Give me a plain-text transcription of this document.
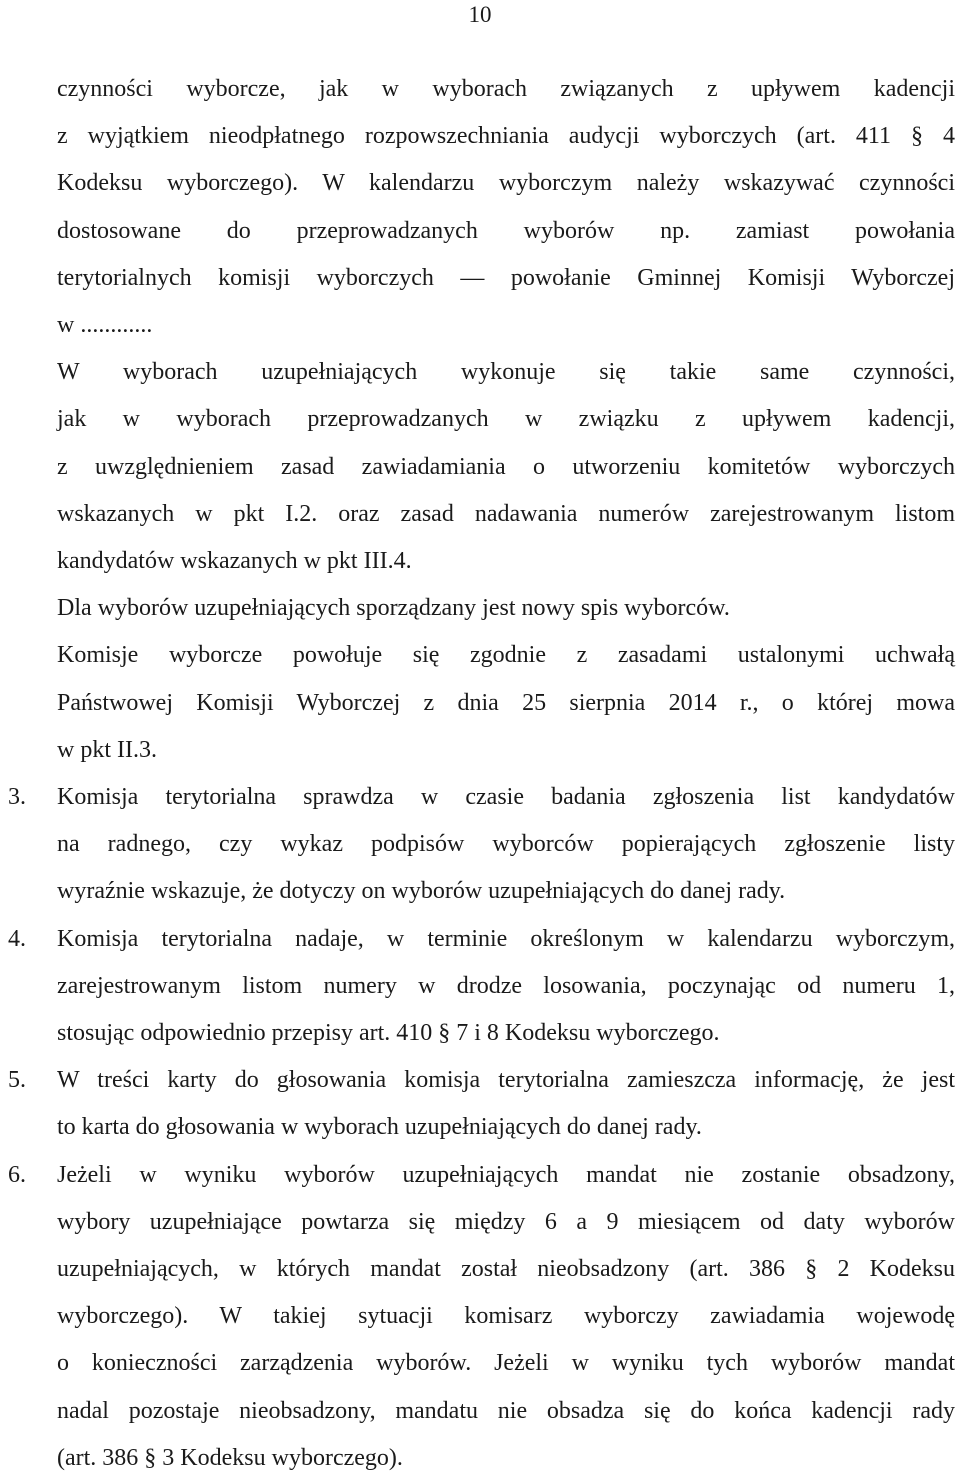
10
czynności wyborcze, jak w wyborach związanych z upływem kadencji
z wyjątkiem nieodpłatnego rozpowszechniania audycji wyborczych (art. 411 § 4
Kodeksu wyborczego). W kalendarzu wyborczym należy wskazywać czynności
dostosowane do przeprowadzanych wyborów np. zamiast powołania
terytorialnych komisji wyborczych — powołanie Gminnej Komisji Wyborczej
w ............
W wyborach uzupełniających wykonuje się takie same czynności,
jak w wyborach przeprowadzanych w związku z upływem kadencji,
z uwzględnieniem zasad zawiadamiania o utworzeniu komitetów wyborczych
wskazanych w pkt I.2. oraz zasad nadawania numerów zarejestrowanym listom
kandydatów wskazanych w pkt III.4.
Dla wyborów uzupełniających sporządzany jest nowy spis wyborców.
Komisje wyborcze powołuje się zgodnie z zasadami ustalonymi uchwałą
Państwowej Komisji Wyborczej z dnia 25 sierpnia 2014 r., o której mowa
w pkt II.3.
3. Komisja terytorialna sprawdza w czasie badania zgłoszenia list kandydatów
na radnego, czy wykaz podpisów wyborców popierających zgłoszenie listy
wyraźnie wskazuje, że dotyczy on wyborów uzupełniających do danej rady.
4. Komisja terytorialna nadaje, w terminie określonym w kalendarzu wyborczym,
zarejestrowanym listom numery w drodze losowania, poczynając od numeru 1,
stosując odpowiednio przepisy art. 410 § 7 i 8 Kodeksu wyborczego.
5. W treści karty do głosowania komisja terytorialna zamieszcza informację, że jest
to karta do głosowania w wyborach uzupełniających do danej rady.
6. Jeżeli w wyniku wyborów uzupełniających mandat nie zostanie obsadzony,
wybory uzupełniające powtarza się między 6 a 9 miesiącem od daty wyborów
uzupełniających, w których mandat został nieobsadzony (art. 386 § 2 Kodeksu
wyborczego). W takiej sytuacji komisarz wyborczy zawiadamia wojewodę
o konieczności zarządzenia wyborów. Jeżeli w wyniku tych wyborów mandat
nadal pozostaje nieobsadzony, mandatu nie obsadza się do końca kadencji rady
(art. 386 § 3 Kodeksu wyborczego).
